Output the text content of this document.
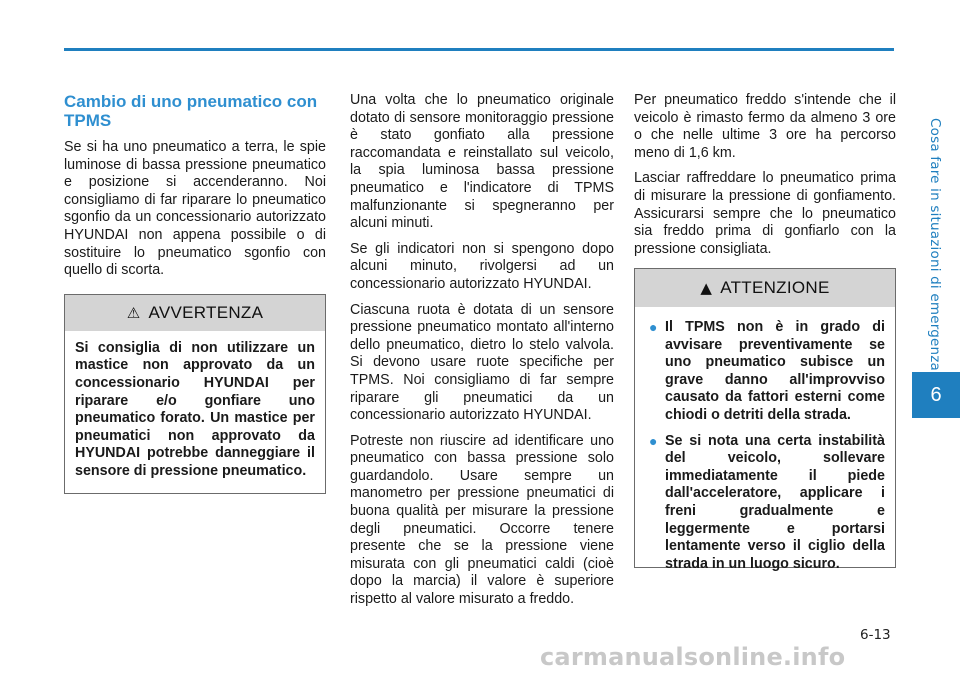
Cosa fare in situazioni di emergenza
6
Cambio di uno pneumatico con TPMS

Se si ha uno pneumatico a terra, le spie luminose di bassa pressione pneumatico e posizione si accenderanno. Noi consigliamo di far riparare lo pneumatico sgonfio da un concessionario autorizzato HYUNDAI non appena possibile o di sostituire lo pneumatico sgonfio con quello di scorta.

⚠ AVVERTENZA
Si consiglia di non utilizzare un mastice non approvato da un concessionario HYUNDAI per riparare e/o gonfiare uno pneumatico forato. Un mastice per pneumatici non approvato da HYUNDAI potrebbe danneggiare il sensore di pressione pneumatico.

Una volta che lo pneumatico originale dotato di sensore monitoraggio pressione è stato gonfiato alla pressione raccomandata e reinstallato sul veicolo, la spia luminosa bassa pressione pneumatico e l'indicatore di TPMS malfunzionante si spegneranno per alcuni minuti.

Se gli indicatori non si spengono dopo alcuni minuto, rivolgersi ad un concessionario autorizzato HYUNDAI.

Ciascuna ruota è dotata di un sensore pressione pneumatico montato all'interno dello pneumatico, dietro lo stelo valvola. Si devono usare ruote specifiche per TPMS. Noi consigliamo di far sempre riparare gli pneumatici da un concessionario autorizzato HYUNDAI.

Potreste non riuscire ad identificare uno pneumatico con bassa pressione solo guardandolo. Usare sempre un manometro per pressione pneumatici di buona qualità per misurare la pressione degli pneumatici. Occorre tenere presente che se la pressione viene misurata con gli pneumatici caldi (cioè dopo la marcia) il valore è superiore rispetto al valore misurato a freddo.

Per pneumatico freddo s'intende che il veicolo è rimasto fermo da almeno 3 ore o che nelle ultime 3 ore ha percorso meno di 1,6 km.

Lasciar raffreddare lo pneumatico prima di misurare la pressione di gonfiamento. Assicurarsi sempre che lo pneumatico sia freddo prima di gonfiarlo con la pressione consigliata.

▲ ATTENZIONE
● Il TPMS non è in grado di avvisare preventivamente se uno pneumatico subisce un grave danno all'improvviso causato da fattori esterni come chiodi o detriti della strada.
● Se si nota una certa instabilità del veicolo, sollevare immediatamente il piede dall'acceleratore, applicare i freni gradualmente e leggermente e portarsi lentamente verso il ciglio della strada in un luogo sicuro.
6-13
carmanualsonline.info
